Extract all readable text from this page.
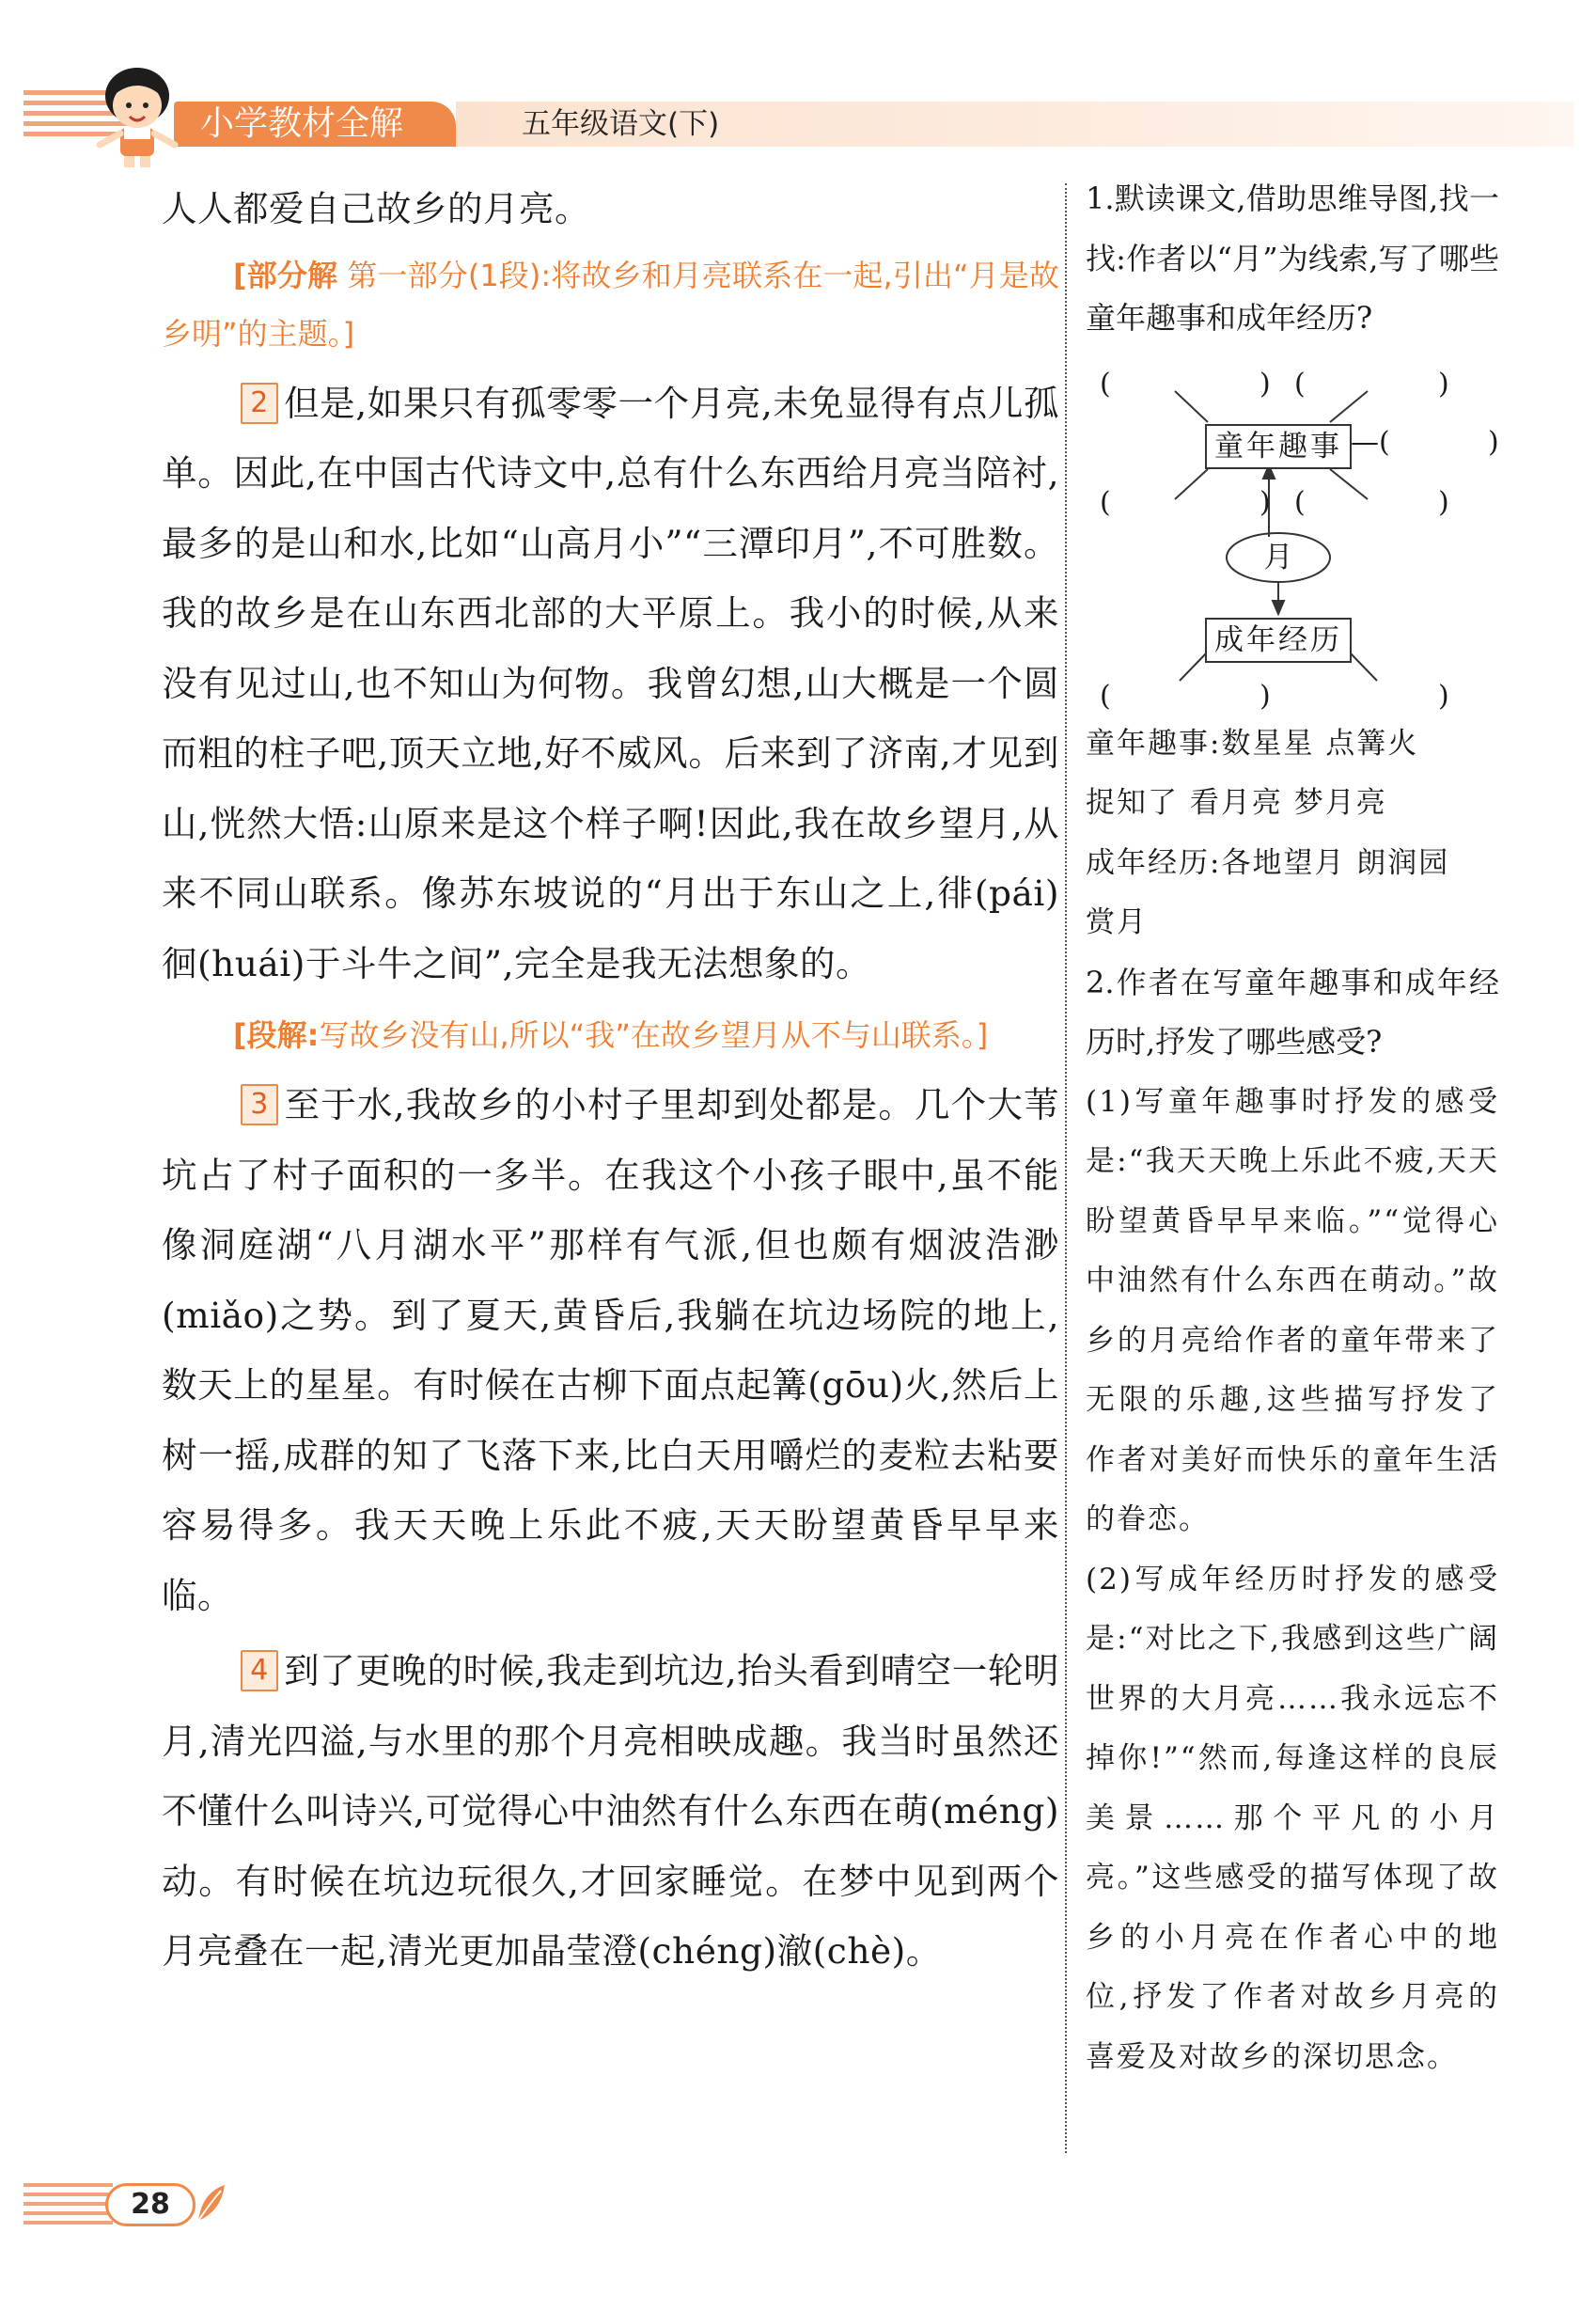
小学教材全解	五年级语文(下)

人人都爱自己故乡的月亮。

[部分解 第一部分(1段):将故乡和月亮联系在一起,引出“月是故乡明”的主题。]

2 但是,如果只有孤零零一个月亮,未免显得有点儿孤单。因此,在中国古代诗文中,总有什么东西给月亮当陪衬,最多的是山和水,比如“山高月小”“三潭印月”,不可胜数。我的故乡是在山东西北部的大平原上。我小的时候,从来没有见过山,也不知山为何物。我曾幻想,山大概是一个圆而粗的柱子吧,顶天立地,好不威风。后来到了济南,才见到山,恍然大悟:山原来是这个样子啊!因此,我在故乡望月,从来不同山联系。像苏东坡说的“月出于东山之上,徘(pái)徊(huái)于斗牛之间”,完全是我无法想象的。

[段解:写故乡没有山,所以“我”在故乡望月从不与山联系。]

3 至于水,我故乡的小村子里却到处都是。几个大苇坑占了村子面积的一多半。在我这个小孩子眼中,虽不能像洞庭湖“八月湖水平”那样有气派,但也颇有烟波浩渺(miǎo)之势。到了夏天,黄昏后,我躺在坑边场院的地上,数天上的星星。有时候在古柳下面点起篝(gōu)火,然后上树一摇,成群的知了飞落下来,比白天用嚼烂的麦粒去粘要容易得多。我天天晚上乐此不疲,天天盼望黄昏早早来临。

4 到了更晚的时候,我走到坑边,抬头看到晴空一轮明月,清光四溢,与水里的那个月亮相映成趣。我当时虽然还不懂什么叫诗兴,可觉得心中油然有什么东西在萌(méng)动。有时候在坑边玩很久,才回家睡觉。在梦中见到两个月亮叠在一起,清光更加晶莹澄(chéng)澈(chè)。

1.默读课文,借助思维导图,找一找:作者以“月”为线索,写了哪些童年趣事和成年经历?

(	) (	)
童年趣事 —(	)
(	) (	)
月
成年经历
(	)	)

童年趣事:数星星 点篝火

捉知了 看月亮 梦月亮

成年经历:各地望月 朗润园

赏月

2.作者在写童年趣事和成年经历时,抒发了哪些感受?

(1)写童年趣事时抒发的感受是:“我天天晚上乐此不疲,天天盼望黄昏早早来临。”“觉得心中油然有什么东西在萌动。”故乡的月亮给作者的童年带来了无限的乐趣,这些描写抒发了作者对美好而快乐的童年生活的眷恋。

(2)写成年经历时抒发的感受是:“对比之下,我感到这些广阔世界的大月亮……我永远忘不掉你!”“然而,每逢这样的良辰美景……那个平凡的小月亮。”这些感受的描写体现了故乡的小月亮在作者心中的地位,抒发了作者对故乡月亮的喜爱及对故乡的深切思念。

28
